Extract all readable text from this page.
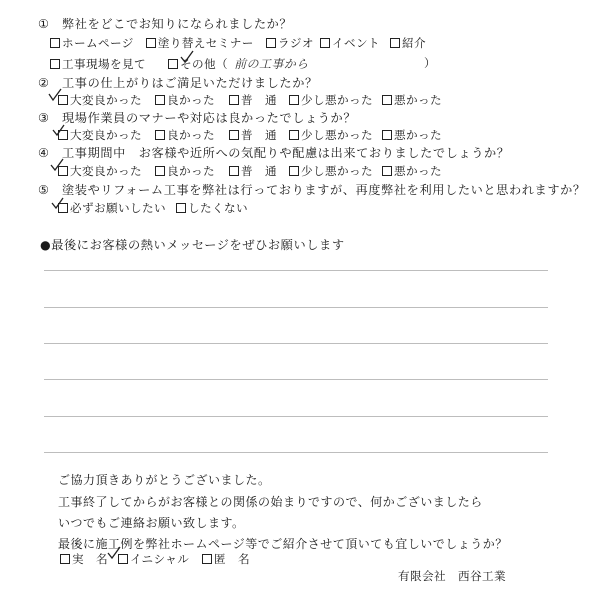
① 弊社をどこでお知りになられましたか？
ホームページ 塗り替えセミナー ラジオ イベント 紹介
工事現場を見て	その他（ 前の工事から	）
② 工事の仕上がりはご満足いただけましたか？
大変良かった	良かった	普　通	少し悪かった	悪かった
③ 現場作業員のマナーや対応は良かったでしょうか？
大変良かった	良かった	普　通	少し悪かった	悪かった
④ 工事期間中　お客様や近所への気配りや配慮は出来ておりましたでしょうか？
大変良かった	良かった	普　通	少し悪かった	悪かった
⑤ 塗装やリフォーム工事を弊社は行っておりますが、再度弊社を利用したいと思われますか？
必ずお願いしたい	したくない
●最後にお客様の熱いメッセージをぜひお願いします
ご協力頂きありがとうございました。
工事終了してからがお客様との関係の始まりですので、何かございましたら
いつでもご連絡お願い致します。
最後に施工例を弊社ホームページ等でご紹介させて頂いても宜しいでしょうか？
実　名	イニシャル	匿　名
有限会社　西谷工業
